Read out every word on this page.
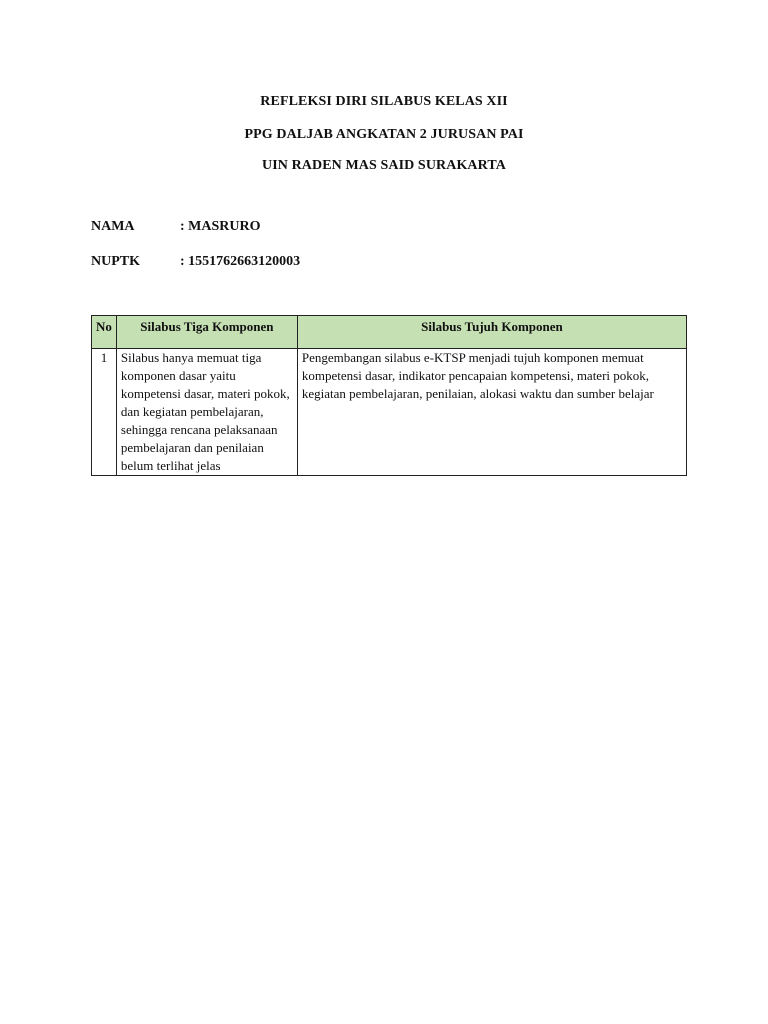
REFLEKSI DIRI SILABUS KELAS XII
PPG DALJAB ANGKATAN 2 JURUSAN PAI
UIN RADEN MAS SAID SURAKARTA
NAMA	: MASRURO
NUPTK	: 1551762663120003
No	Silabus Tiga Komponen	Silabus Tujuh Komponen
1	Silabus hanya memuat tiga komponen dasar yaitu kompetensi dasar, materi pokok, dan kegiatan pembelajaran, sehingga rencana pelaksanaan pembelajaran dan penilaian belum terlihat jelas	Pengembangan silabus e-KTSP menjadi tujuh komponen memuat kompetensi dasar, indikator pencapaian kompetensi, materi pokok, kegiatan pembelajaran, penilaian, alokasi waktu dan sumber belajar
